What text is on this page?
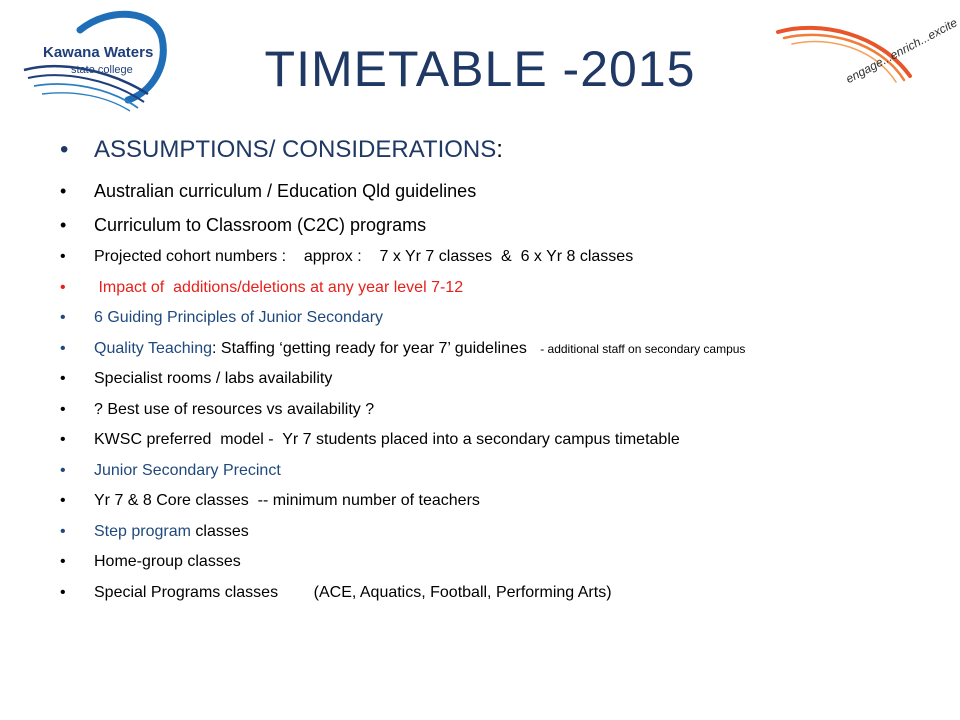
Kawana Waters
state college	engage...enrich...excite
TIMETABLE -2015
• ASSUMPTIONS/ CONSIDERATIONS:
• Australian curriculum / Education Qld guidelines
• Curriculum to Classroom (C2C) programs
• Projected cohort numbers :    approx :    7 x Yr 7 classes  &  6 x Yr 8 classes
•  Impact of  additions/deletions at any year level 7-12
• 6 Guiding Principles of Junior Secondary
• Quality Teaching: Staffing ‘getting ready for year 7’ guidelines   - additional staff on secondary campus
• Specialist rooms / labs availability
• ? Best use of resources vs availability ?
• KWSC preferred  model -  Yr 7 students placed into a secondary campus timetable
• Junior Secondary Precinct
• Yr 7 & 8 Core classes  -- minimum number of teachers
• Step program classes
• Home-group classes
• Special Programs classes        (ACE, Aquatics, Football, Performing Arts)
